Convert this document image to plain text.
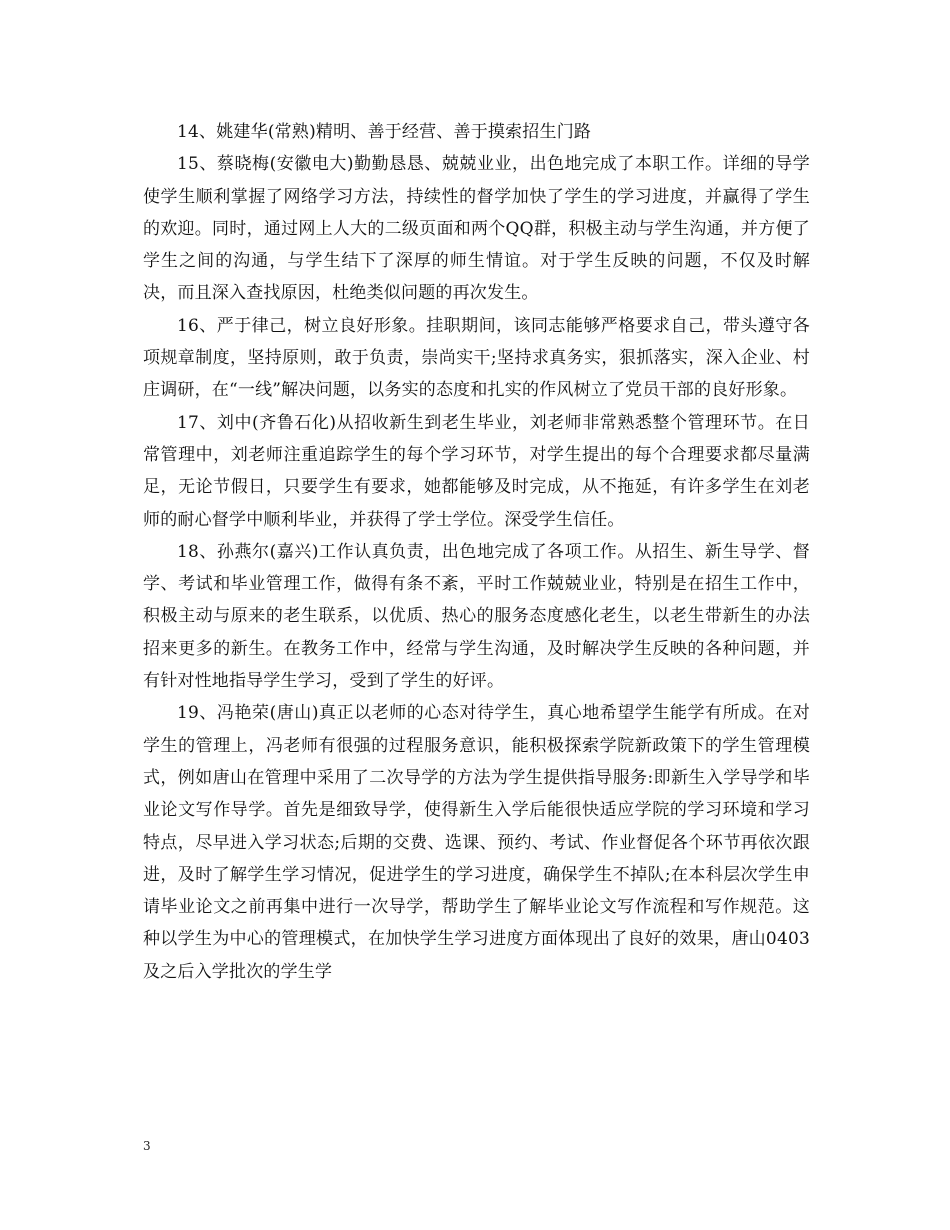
14、姚建华(常熟)精明、善于经营、善于摸索招生门路

15、蔡晓梅(安徽电大)勤勤恳恳、兢兢业业，出色地完成了本职工作。详细的导学使学生顺利掌握了网络学习方法，持续性的督学加快了学生的学习进度，并赢得了学生的欢迎。同时，通过网上人大的二级页面和两个QQ群，积极主动与学生沟通，并方便了学生之间的沟通，与学生结下了深厚的师生情谊。对于学生反映的问题，不仅及时解决，而且深入查找原因，杜绝类似问题的再次发生。

16、严于律己，树立良好形象。挂职期间，该同志能够严格要求自己，带头遵守各项规章制度，坚持原则，敢于负责，崇尚实干;坚持求真务实，狠抓落实，深入企业、村庄调研，在“一线”解决问题，以务实的态度和扎实的作风树立了党员干部的良好形象。

17、刘中(齐鲁石化)从招收新生到老生毕业，刘老师非常熟悉整个管理环节。在日常管理中，刘老师注重追踪学生的每个学习环节，对学生提出的每个合理要求都尽量满足，无论节假日，只要学生有要求，她都能够及时完成，从不拖延，有许多学生在刘老师的耐心督学中顺利毕业，并获得了学士学位。深受学生信任。

18、孙燕尔(嘉兴)工作认真负责，出色地完成了各项工作。从招生、新生导学、督学、考试和毕业管理工作，做得有条不紊，平时工作兢兢业业，特别是在招生工作中，积极主动与原来的老生联系，以优质、热心的服务态度感化老生，以老生带新生的办法招来更多的新生。在教务工作中，经常与学生沟通，及时解决学生反映的各种问题，并有针对性地指导学生学习，受到了学生的好评。

19、冯艳荣(唐山)真正以老师的心态对待学生，真心地希望学生能学有所成。在对学生的管理上，冯老师有很强的过程服务意识，能积极探索学院新政策下的学生管理模式，例如唐山在管理中采用了二次导学的方法为学生提供指导服务:即新生入学导学和毕业论文写作导学。首先是细致导学，使得新生入学后能很快适应学院的学习环境和学习特点，尽早进入学习状态;后期的交费、选课、预约、考试、作业督促各个环节再依次跟进，及时了解学生学习情况，促进学生的学习进度，确保学生不掉队;在本科层次学生申请毕业论文之前再集中进行一次导学，帮助学生了解毕业论文写作流程和写作规范。这种以学生为中心的管理模式，在加快学生学习进度方面体现出了良好的效果，唐山0403及之后入学批次的学生学

3
